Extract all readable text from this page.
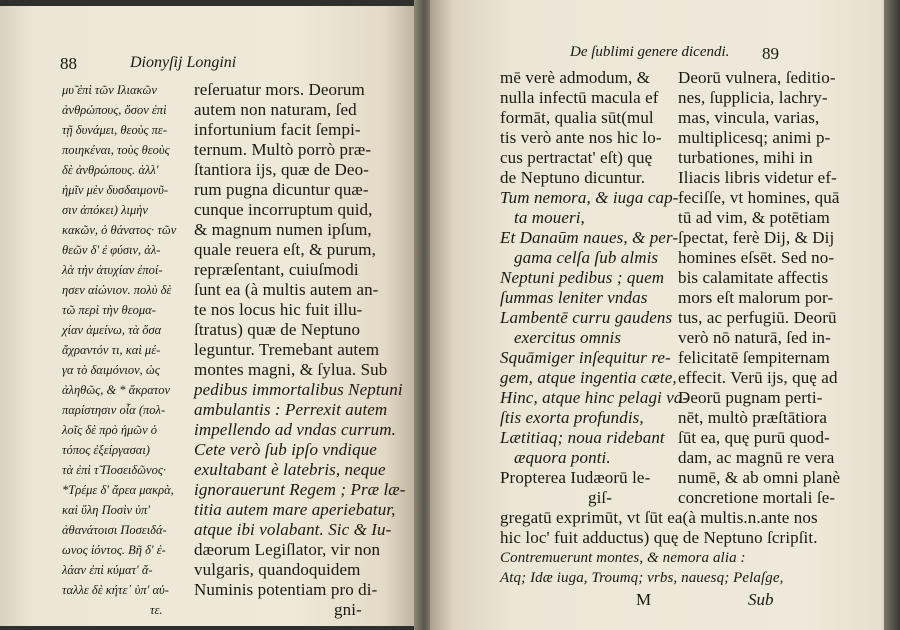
88	Dionyſij Longini
μυ̃ ἐπὶ τῶν Ιλιακῶν
ἀνθρώπους, ὅσον ἐπὶ
τῇ δυνάμει, θεοὺς πε-
ποιηκέναι, τοὺς θεοὺς
δὲ ἀνθρώπους. ἀλλ'
ἡμῖν μὲν δυσδαιμονῦ-
σιν ἀπόκει) λιμὴν
κακῶν, ὁ θάνατος· τῶν
θεῶν δ' ἐ φύσιν, ἀλ-
λὰ τὴν ἀτυχίαν ἐποί-
ησεν αἰώνιον. πολὺ δὲ
τῶ περὶ τὴν θεομα-
χίαν ἀμείνω, τὰ ὅσα
ἄχραντόν τι, καὶ μέ-
γα τὸ δαιμόνιον, ὡς
ἀληθῶς, & * ἄκρατον
παρίστησιν οἷα (πολ-
λοῖς δὲ πρὸ ἡμῶν ὁ
τόπος ἐξείργασαι)
τὰ ἐπὶ τ̃ Ποσειδῶνος·
*Τρέμε δ' ἄρεα μακρὰ,
καὶ ὕλη Ποσὶν ὑπ'
ἀθανάτοισι Ποσειδά-
ωνος ἰόντος. Βῆ δ' ἐ-
λάαν ἐπὶ κύματ' ἄ-
ταλλε δὲ κήτε᾽ ὑπ' αὐ-
τε.
reſeruatur mors. Deorum
autem non naturam, ſed
infortunium facit ſempi-
ternum. Multò porrò præ-
ſtantiora ijs, quæ de Deo-
rum pugna dicuntur quæ-
cunque incorruptum quid,
& magnum numen ipſum,
quale reuera eſt, & purum,
repræſentant, cuiuſmodi
ſunt ea (à multis autem an-
te nos locus hic fuit illu-
ſtratus) quæ de Neptuno
leguntur. Tremebant autem
montes magni, & ſylua. Sub
pedibus immortalibus Neptuni
ambulantis : Perrexit autem
impellendo ad vndas currum.
Cete verò ſub ipſo vndique
exultabant è latebris, neque
ignorauerunt Regem ; Præ læ-
titia autem mare aperiebatur,
atque ibi volabant. Sic & Iu-
dæorum Legiſlator, vir non
vulgaris, quandoquidem
Numinis potentiam pro di-
gni-
De ſublimi genere dicendi. 89
mē verè admodum, &
nulla infectū macula ef
formāt, qualia sūt(mul
tis verò ante nos hic lo-
cus pertractat' eſt) quę
de Neptuno dicuntur.
Tum nemora, & iuga cap-
ta moueri,
Et Danaūm naues, & per-
gama celſa ſub almis
Neptuni pedibus ; quem
ſummas leniter vndas
Lambentē curru gaudens
exercitus omnis
Squāmiger inſequitur re-
gem, atque ingentia cæte,
Hinc, atque hinc pelagi va-
ſtis exorta profundis,
Lætitiaq; noua ridebant
æquora ponti.
Propterea Iudæorū le-
giſ-
Deorū vulnera, ſeditio-
nes, ſupplicia, lachry-
mas, vincula, varias,
multiplicesq; animi p-
turbationes, mihi in
Iliacis libris videtur ef-
feciſſe, vt homines, quā
tū ad vim, & potētiam
ſpectat, ferè Dij, & Dij
homines eſsēt. Sed no-
bis calamitate affectis
mors eſt malorum por-
tus, ac perfugiū. Deorū
verò nō naturā, ſed in-
felicitatē ſempiternam
effecit. Verū ijs, quę ad
Deorū pugnam perti-
nēt, multò præſtātiora
ſūt ea, quę purū quod-
dam, ac magnū re vera
numē, & ab omni planè
concretione mortali ſe-
gregatū exprimūt, vt ſūt ea(à multis.n.ante nos
hic loc' fuit adductus) quę de Neptuno ſcripſit.
Contremuerunt montes, & nemora alia :
Atq; Idæ iuga, Troumq; vrbs, nauesq; Pelaſge,
M	Sub
